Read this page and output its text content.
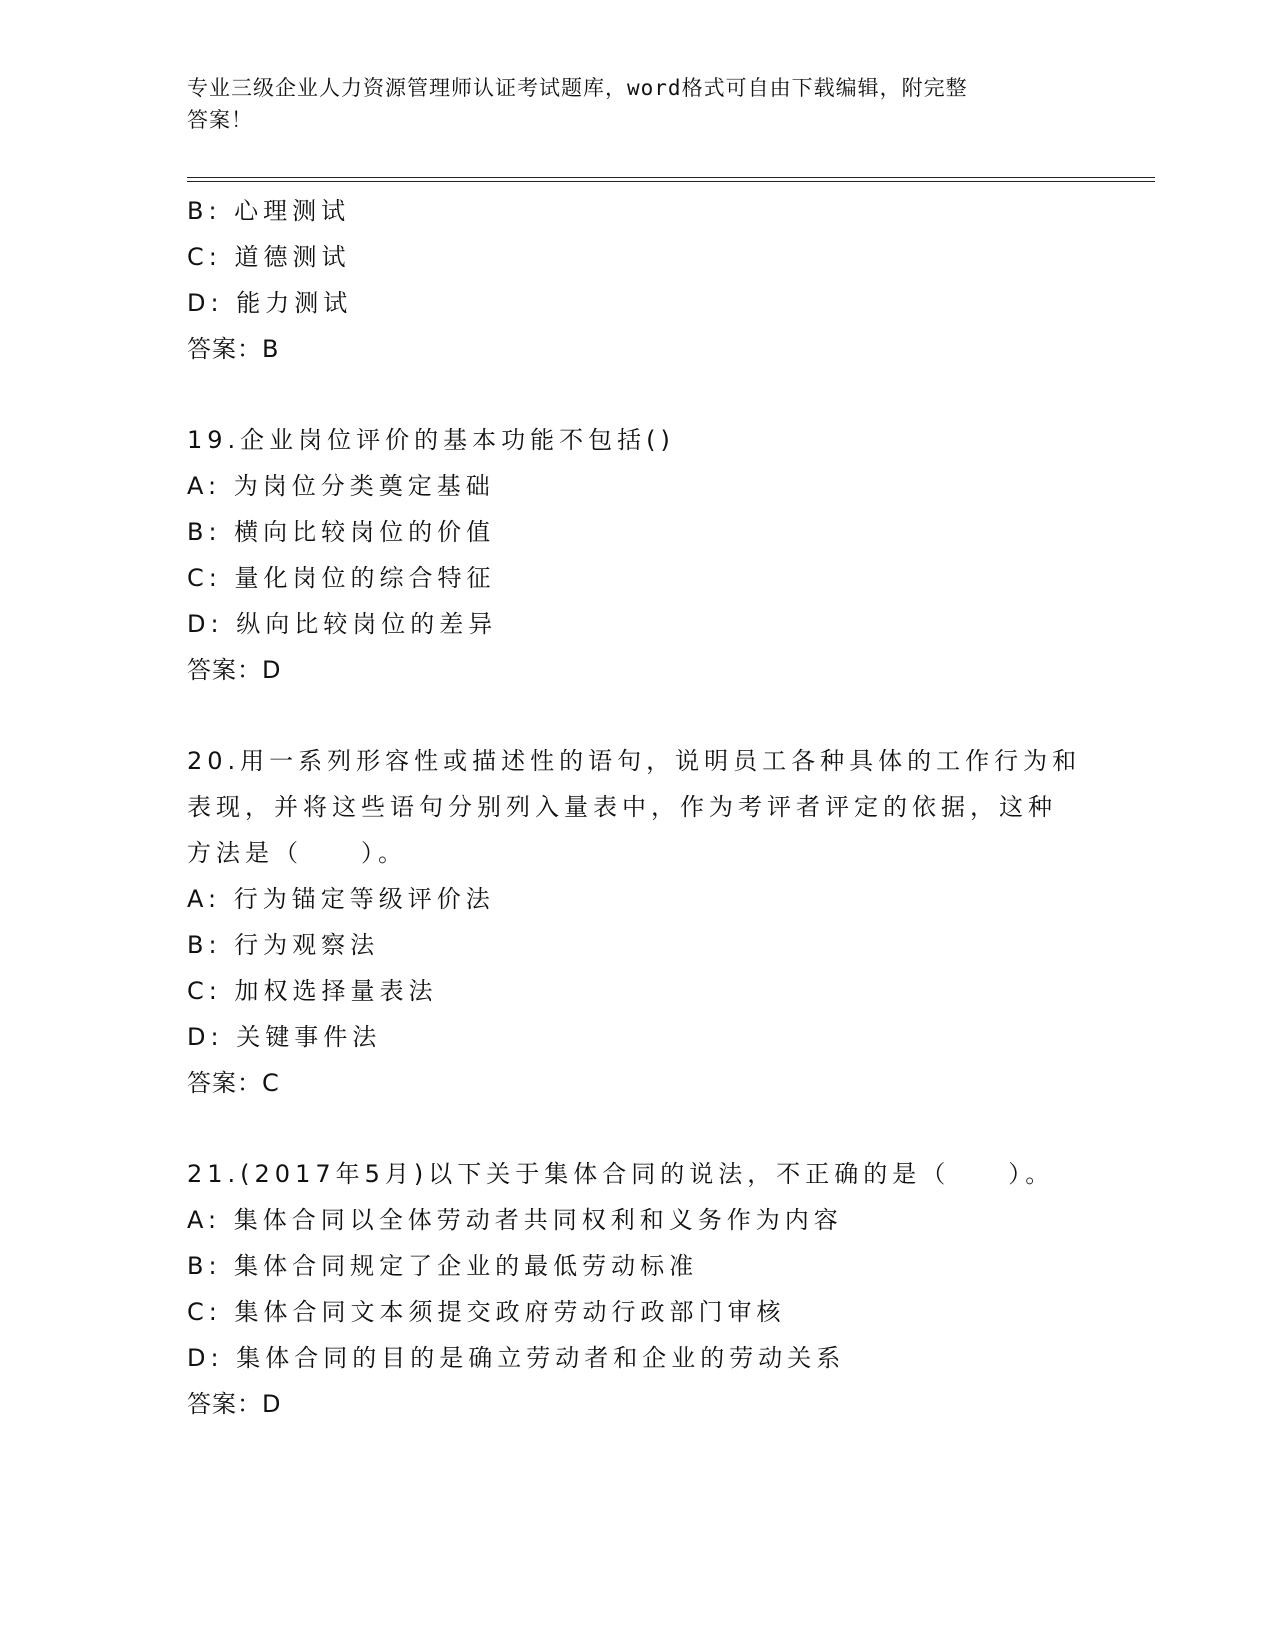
专业三级企业人力资源管理师认证考试题库，word格式可自由下载编辑，附完整
答案！
B: 心理测试
C: 道德测试
D: 能力测试
答案：B
19.企业岗位评价的基本功能不包括()
A: 为岗位分类奠定基础
B: 横向比较岗位的价值
C: 量化岗位的综合特征
D: 纵向比较岗位的差异
答案：D
20.用一系列形容性或描述性的语句，说明员工各种具体的工作行为和
表现，并将这些语句分别列入量表中，作为考评者评定的依据，这种
方法是（　　）。
A: 行为锚定等级评价法
B: 行为观察法
C: 加权选择量表法
D: 关键事件法
答案：C
21.(2017年5月)以下关于集体合同的说法，不正确的是（　　）。
A: 集体合同以全体劳动者共同权利和义务作为内容
B: 集体合同规定了企业的最低劳动标准
C: 集体合同文本须提交政府劳动行政部门审核
D: 集体合同的目的是确立劳动者和企业的劳动关系
答案：D
